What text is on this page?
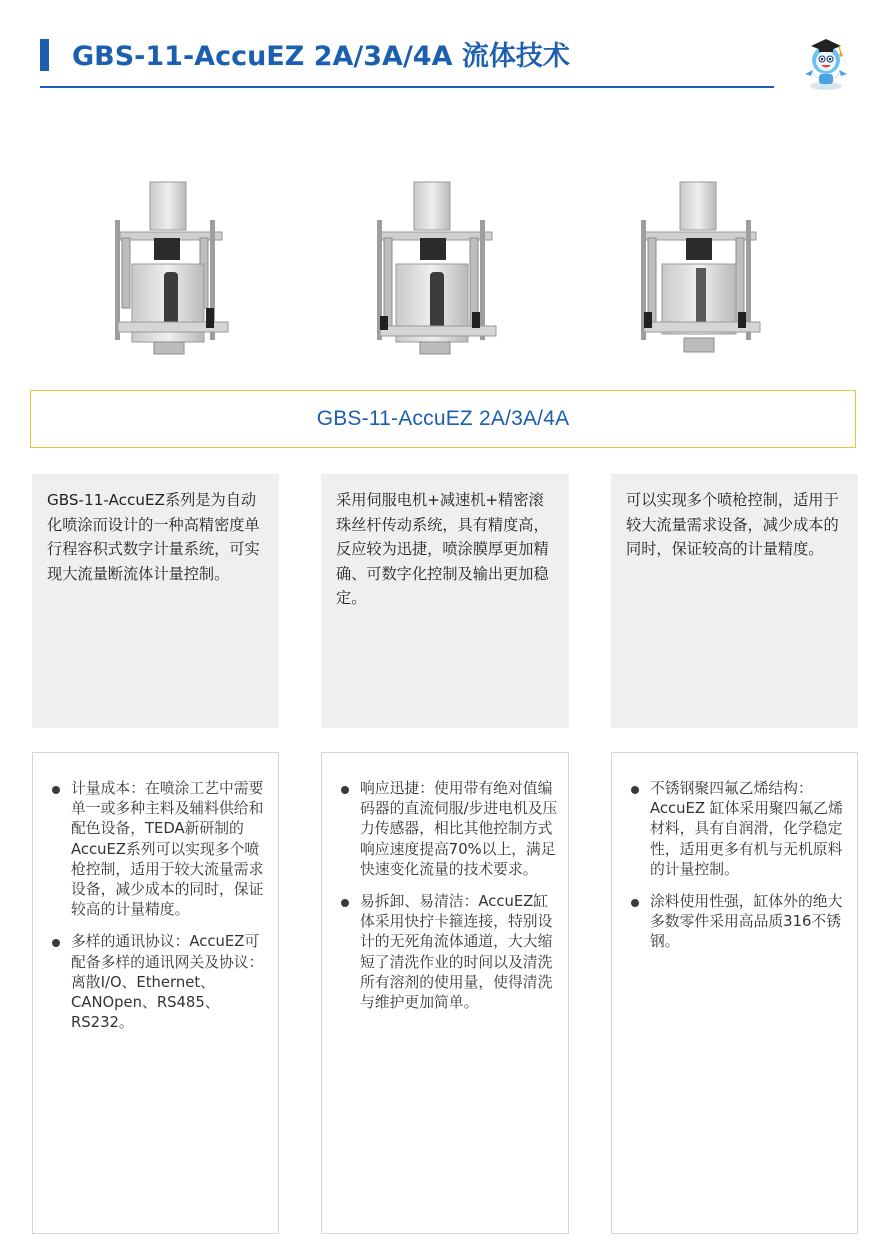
GBS-11-AccuEZ 2A/3A/4A 流体技术
GBS-11-AccuEZ 2A/3A/4A
GBS-11-AccuEZ系列是为自动化喷涂而设计的一种高精密度单行程容积式数字计量系统，可实现大流量断流体计量控制。
采用伺服电机+减速机+精密滚珠丝杆传动系统，具有精度高，反应较为迅捷，喷涂膜厚更加精确、可数字化控制及输出更加稳定。
可以实现多个喷枪控制，适用于较大流量需求设备，减少成本的同时，保证较高的计量精度。
计量成本：在喷涂工艺中需要单一或多种主料及辅料供给和配色设备，TEDA新研制的AccuEZ系列可以实现多个喷枪控制，适用于较大流量需求设备，减少成本的同时，保证较高的计量精度。
多样的通讯协议：AccuEZ可配备多样的通讯网关及协议：离散I/O、Ethernet、CANOpen、RS485、RS232。
响应迅捷：使用带有绝对值编码器的直流伺服/步进电机及压力传感器，相比其他控制方式响应速度提高70%以上，满足快速变化流量的技术要求。
易拆卸、易清洁：AccuEZ缸体采用快拧卡箍连接，特别设计的无死角流体通道，大大缩短了清洗作业的时间以及清洗所有溶剂的使用量，使得清洗与维护更加简单。
不锈钢聚四氟乙烯结构：AccuEZ 缸体采用聚四氟乙烯材料，具有自润滑，化学稳定性，适用更多有机与无机原料的计量控制。
涂料使用性强，缸体外的绝大多数零件采用高品质316不锈钢。
